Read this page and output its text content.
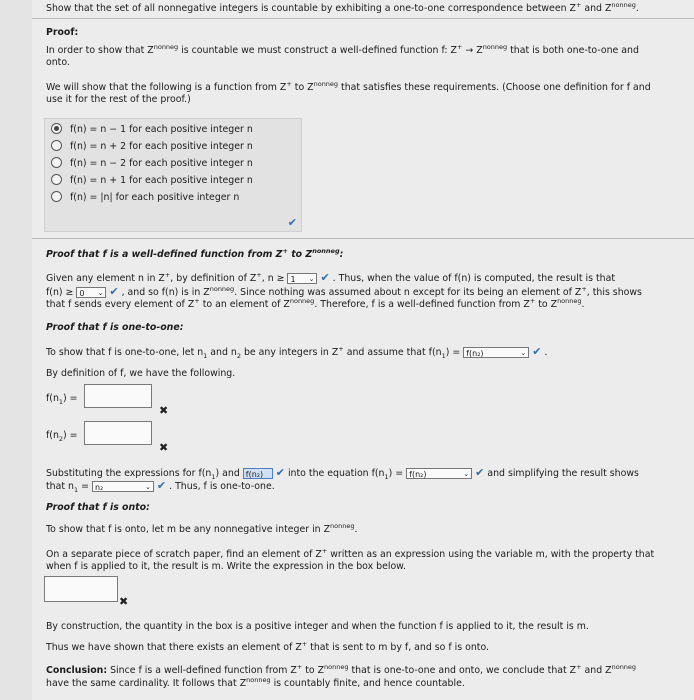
Show that the set of all nonnegative integers is countable by exhibiting a one-to-one correspondence between Z+ and $Z^{nonneg}$.
Proof:
In order to show that $Z^{nonneg}$ is countable we must construct a well-defined function f: $Z^+ \to Z^{nonneg}$ that is both one-to-one and
onto.
We will show that the following is a function from Z+ to $Z^{nonneg}$ that satisfies these requirements. (Choose one definition for f and
use it for the rest of the proof.)
f(n) = n − 1 for each positive integer n
f(n) = n + 2 for each positive integer n
f(n) = n − 2 for each positive integer n
f(n) = n + 1 for each positive integer n
f(n) = |n| for each positive integer n
✔
Proof that f is a well-defined function from Z+ to $Z^{nonneg}$:
Given any element n in Z+, by definition of Z+, n ≥ 1 ⌄ ✔ . Thus, when the value of f(n) is computed, the result is that
f(n) ≥ 0 ⌄ ✔ , and so f(n) is in $Z^{nonneg}$. Since nothing was assumed about n except for its being an element of Z+, this shows
that f sends every element of Z+ to an element of $Z^{nonneg}$. Therefore, f is a well-defined function from Z+ to $Z^{nonneg}$.
Proof that f is one-to-one:
To show that f is one-to-one, let $n_1$ and $n_2$ be any integers in Z+ and assume that $f(n_1) = f(n_2)$	⌄ ✔ .
By definition of f, we have the following.
$f(n_1)$ =
✖
$f(n_2)$ =
✖
Substituting the expressions for $f(n_1)$ and f(n₂) ✔ into the equation $f(n_1) = f(n_2)$	⌄ ✔ and simplifying the result shows
that $n_1 = n_2$	⌄ ✔ . Thus, f is one-to-one.
Proof that f is onto:
To show that f is onto, let m be any nonnegative integer in $Z^{nonneg}$.
On a separate piece of scratch paper, find an element of Z+ written as an expression using the variable m, with the property that
when f is applied to it, the result is m. Write the expression in the box below.
✖
By construction, the quantity in the box is a positive integer and when the function f is applied to it, the result is m.
Thus we have shown that there exists an element of Z+ that is sent to m by f, and so f is onto.
Conclusion: Since f is a well-defined function from Z+ to $Z^{nonneg}$ that is one-to-one and onto, we conclude that Z+ and $Z^{nonneg}$
have the same cardinality. It follows that $Z^{nonneg}$ is countably finite, and hence countable.
